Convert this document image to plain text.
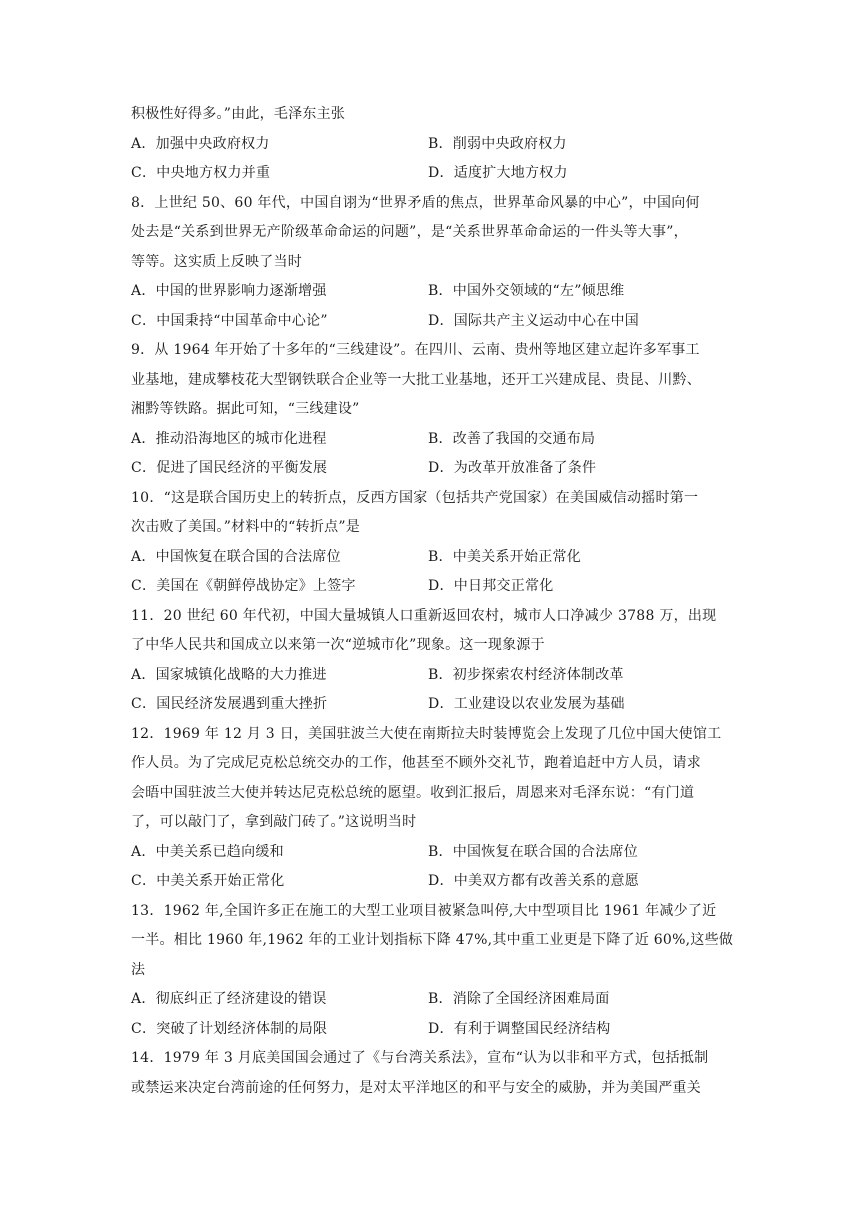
积极性好得多。”由此，毛泽东主张
A．加强中央政府权力	B．削弱中央政府权力
C．中央地方权力并重	D．适度扩大地方权力
8．上世纪 50、60 年代，中国自诩为“世界矛盾的焦点，世界革命风暴的中心”，中国向何
处去是“关系到世界无产阶级革命命运的问题”，是“关系世界革命命运的一件头等大事”，
等等。这实质上反映了当时
A．中国的世界影响力逐渐增强	B．中国外交领域的“左”倾思维
C．中国秉持“中国革命中心论”	D．国际共产主义运动中心在中国
9．从 1964 年开始了十多年的“三线建设”。在四川、云南、贵州等地区建立起许多军事工
业基地，建成攀枝花大型钢铁联合企业等一大批工业基地，还开工兴建成昆、贵昆、川黔、
湘黔等铁路。据此可知，“三线建设”
A．推动沿海地区的城市化进程	B．改善了我国的交通布局
C．促进了国民经济的平衡发展	D．为改革开放准备了条件
10．“这是联合国历史上的转折点，反西方国家（包括共产党国家）在美国威信动摇时第一
次击败了美国。”材料中的“转折点”是
A．中国恢复在联合国的合法席位	B．中美关系开始正常化
C．美国在《朝鲜停战协定》上签字	D．中日邦交正常化
11．20 世纪 60 年代初，中国大量城镇人口重新返回农村，城市人口净减少 3788 万，出现
了中华人民共和国成立以来第一次“逆城市化”现象。这一现象源于
A．国家城镇化战略的大力推进	B．初步探索农村经济体制改革
C．国民经济发展遇到重大挫折	D．工业建设以农业发展为基础
12．1969 年 12 月 3 日，美国驻波兰大使在南斯拉夫时装博览会上发现了几位中国大使馆工
作人员。为了完成尼克松总统交办的工作，他甚至不顾外交礼节，跑着追赶中方人员，请求
会晤中国驻波兰大使并转达尼克松总统的愿望。收到汇报后，周恩来对毛泽东说：“有门道
了，可以敲门了，拿到敲门砖了。”这说明当时
A．中美关系已趋向缓和	B．中国恢复在联合国的合法席位
C．中美关系开始正常化	D．中美双方都有改善关系的意愿
13．1962 年,全国许多正在施工的大型工业项目被紧急叫停,大中型项目比 1961 年减少了近
一半。相比 1960 年,1962 年的工业计划指标下降 47%,其中重工业更是下降了近 60%,这些做
法
A．彻底纠正了经济建设的错误	B．消除了全国经济困难局面
C．突破了计划经济体制的局限	D．有利于调整国民经济结构
14．1979 年 3 月底美国国会通过了《与台湾关系法》，宣布“认为以非和平方式，包括抵制
或禁运来决定台湾前途的任何努力，是对太平洋地区的和平与安全的威胁，并为美国严重关
